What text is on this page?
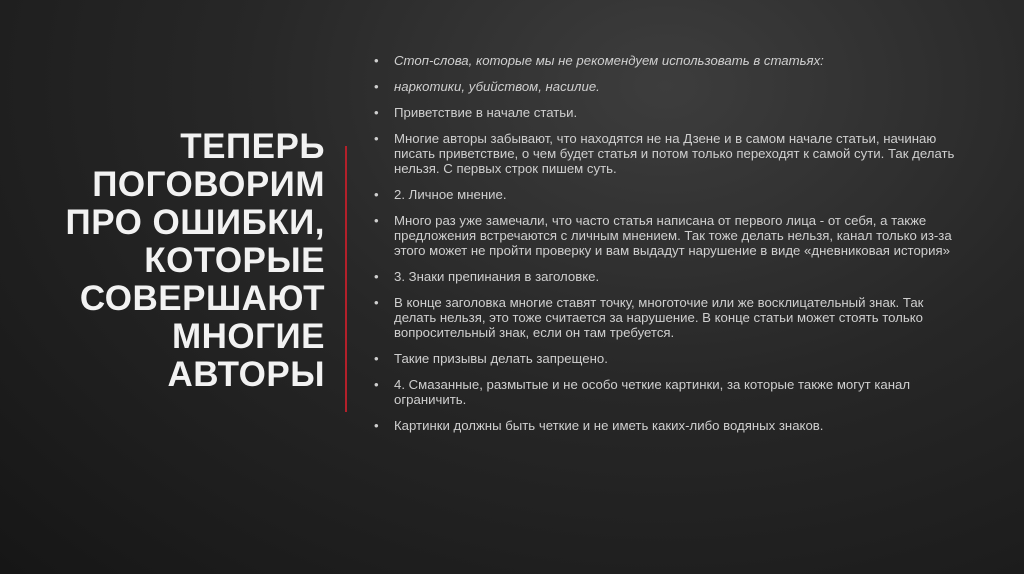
ТЕПЕРЬ
ПОГОВОРИМ
ПРО ОШИБКИ,
КОТОРЫЕ
СОВЕРШАЮТ
МНОГИЕ
АВТОРЫ
• Стоп-слова, которые мы не рекомендуем использовать в статьях:
• наркотики, убийством, насилие.
• Приветствие в начале статьи.
• Многие авторы забывают, что находятся не на Дзене и в самом начале статьи, начинаю писать приветствие, о чем будет статья и потом только переходят к самой сути. Так делать нельзя. С первых строк пишем суть.
• 2. Личное мнение.
• Много раз уже замечали, что часто статья написана от первого лица - от себя, а также предложения встречаются с личным мнением. Так тоже делать нельзя, канал только из-за этого может не пройти проверку и вам выдадут нарушение в виде «дневниковая история»
• 3. Знаки препинания в заголовке.
• В конце заголовка многие ставят точку, многоточие или же восклицательный знак. Так делать нельзя, это тоже считается за нарушение. В конце статьи может стоять только вопросительный знак, если он там требуется.
• Такие призывы делать запрещено.
• 4. Смазанные, размытые и не особо четкие картинки, за которые также могут канал ограничить.
• Картинки должны быть четкие и не иметь каких-либо водяных знаков.
